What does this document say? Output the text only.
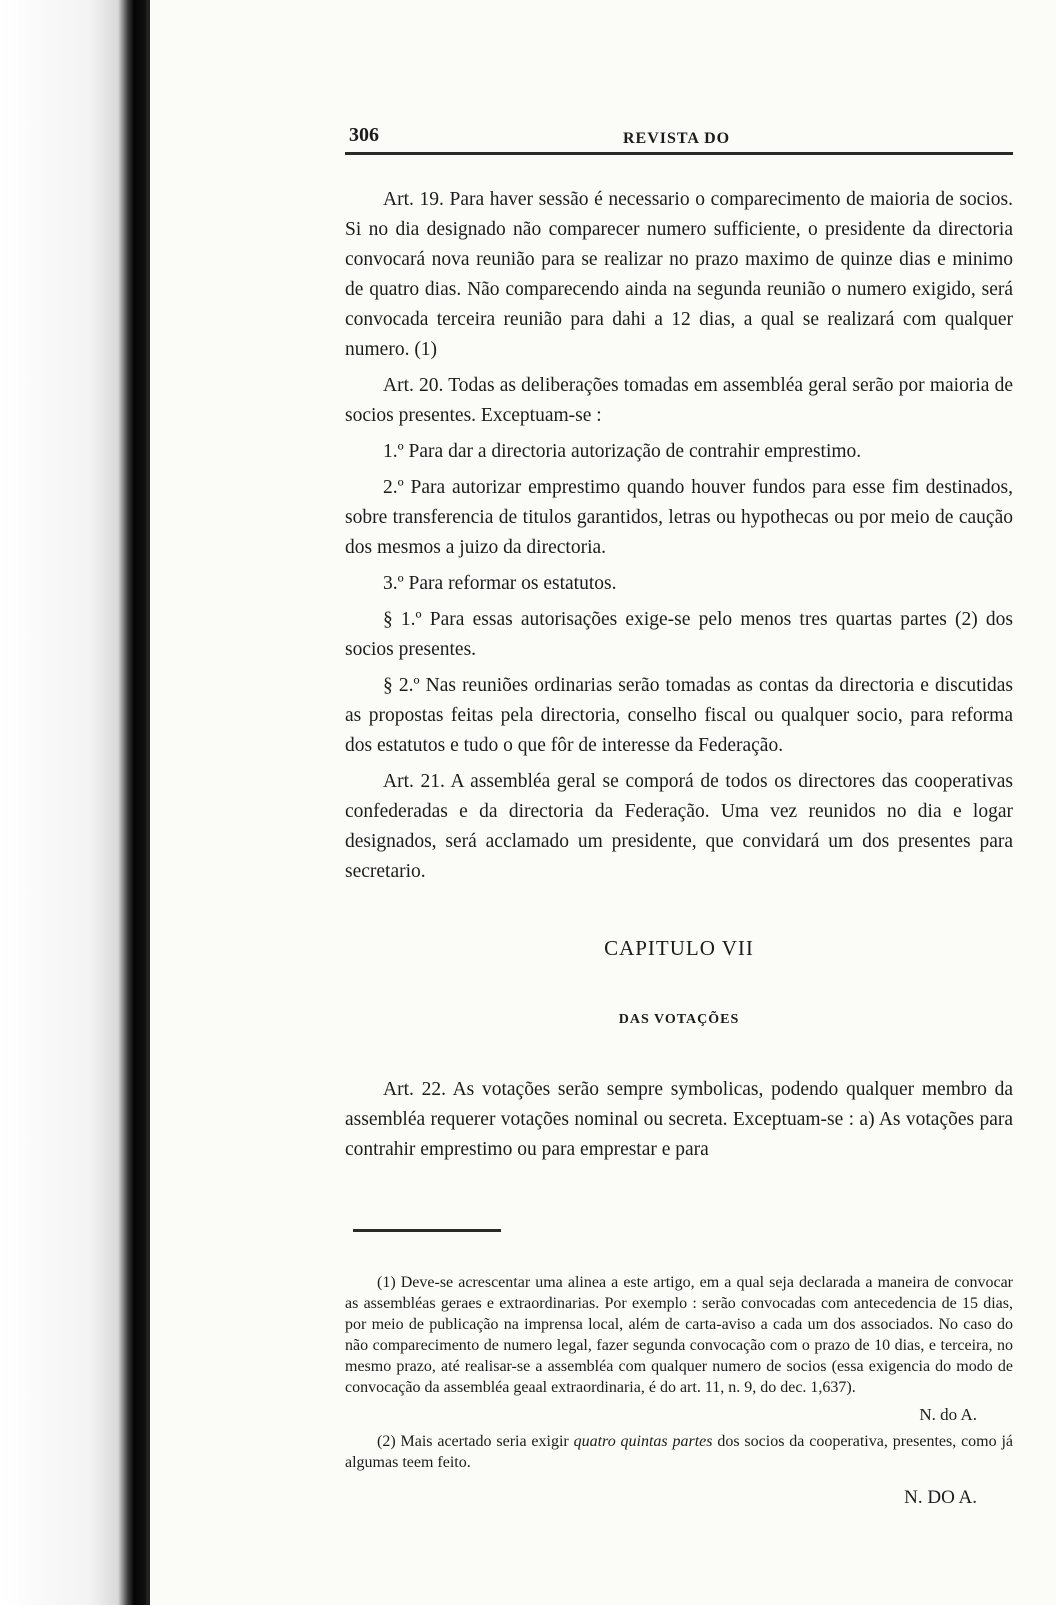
306	REVISTA DO

Art. 19. Para haver sessão é necessario o comparecimento de maioria de socios. Si no dia designado não comparecer numero sufficiente, o presidente da directoria convocará nova reunião para se realizar no prazo maximo de quinze dias e minimo de quatro dias. Não comparecendo ainda na segunda reunião o numero exigido, será convocada terceira reunião para dahi a 12 dias, a qual se realizará com qualquer numero. (1)

Art. 20. Todas as deliberações tomadas em assembléa geral serão por maioria de socios presentes. Exceptuam-se :

1.º Para dar a directoria autorização de contrahir emprestimo.

2.º Para autorizar emprestimo quando houver fundos para esse fim destinados, sobre transferencia de titulos garantidos, letras ou hypothecas ou por meio de caução dos mesmos a juizo da directoria.

3.º Para reformar os estatutos.

§ 1.º Para essas autorisações exige-se pelo menos tres quartas partes (2) dos socios presentes.

§ 2.º Nas reuniões ordinarias serão tomadas as contas da directoria e discutidas as propostas feitas pela directoria, conselho fiscal ou qualquer socio, para reforma dos estatutos e tudo o que fôr de interesse da Federação.

Art. 21. A assembléa geral se comporá de todos os directores das cooperativas confederadas e da directoria da Federação. Uma vez reunidos no dia e logar designados, será acclamado um presidente, que convidará um dos presentes para secretario.

CAPITULO VII
DAS VOTAÇÕES

Art. 22. As votações serão sempre symbolicas, podendo qualquer membro da assembléa requerer votações nominal ou secreta. Exceptuam-se : a) As votações para contrahir emprestimo ou para emprestar e para

(1) Deve-se acrescentar uma alinea a este artigo, em a qual seja declarada a maneira de convocar as assembléas geraes e extraordinarias. Por exemplo : serão convocadas com antecedencia de 15 dias, por meio de publicação na imprensa local, além de carta-aviso a cada um dos associados. No caso do não comparecimento de numero legal, fazer segunda convocação com o prazo de 10 dias, e terceira, no mesmo prazo, até realisar-se a assembléa com qualquer numero de socios (essa exigencia do modo de convocação da assembléa geaal extraordinaria, é do art. 11, n. 9, do dec. 1,637).

N. do A.

(2) Mais acertado seria exigir quatro quintas partes dos socios da cooperativa, presentes, como já algumas teem feito.

N. DO A.
